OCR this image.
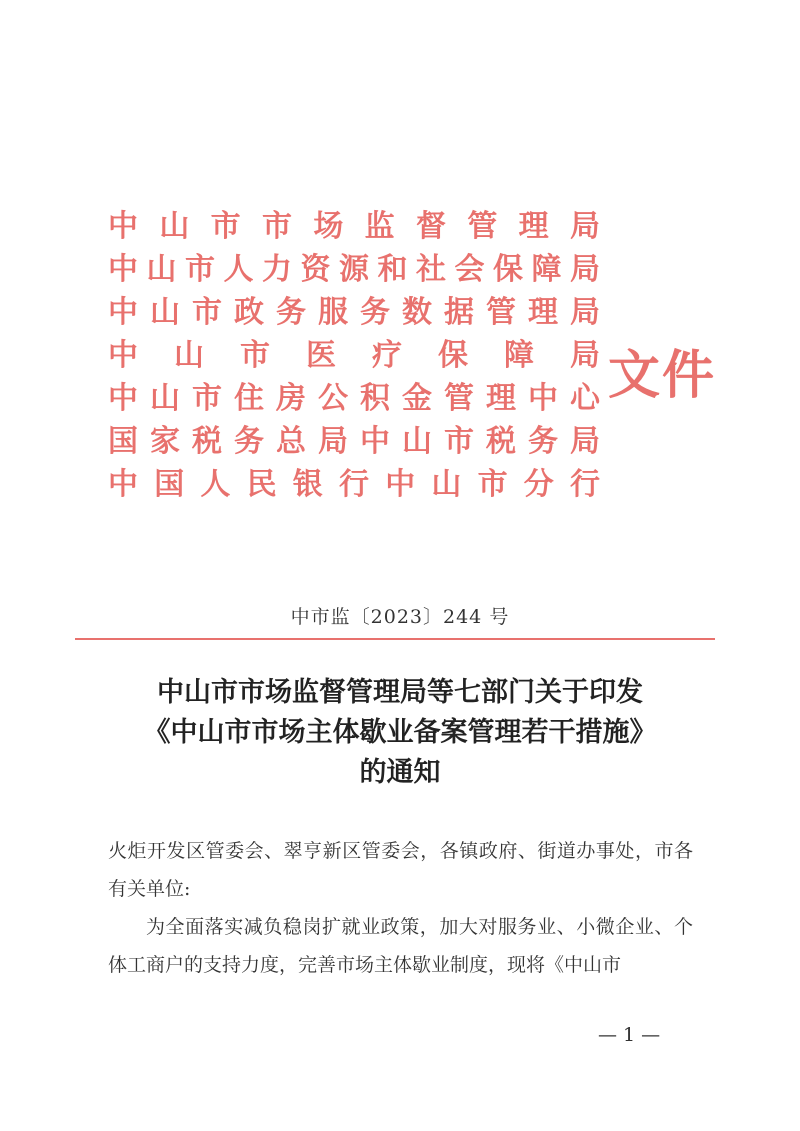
中山市市场监督管理局
中山市人力资源和社会保障局
中山市政务服务数据管理局
中山市医疗保障局
中山市住房公积金管理中心
国家税务总局中山市税务局
中国人民银行中山市分行
文件
中市监〔2023〕244 号
中山市市场监督管理局等七部门关于印发
《中山市市场主体歇业备案管理若干措施》
的通知

火炬开发区管委会、翠亨新区管委会，各镇政府、街道办事处，市各有关单位:

为全面落实减负稳岗扩就业政策，加大对服务业、小微企业、个体工商户的支持力度，完善市场主体歇业制度，现将《中山市

— 1 —
